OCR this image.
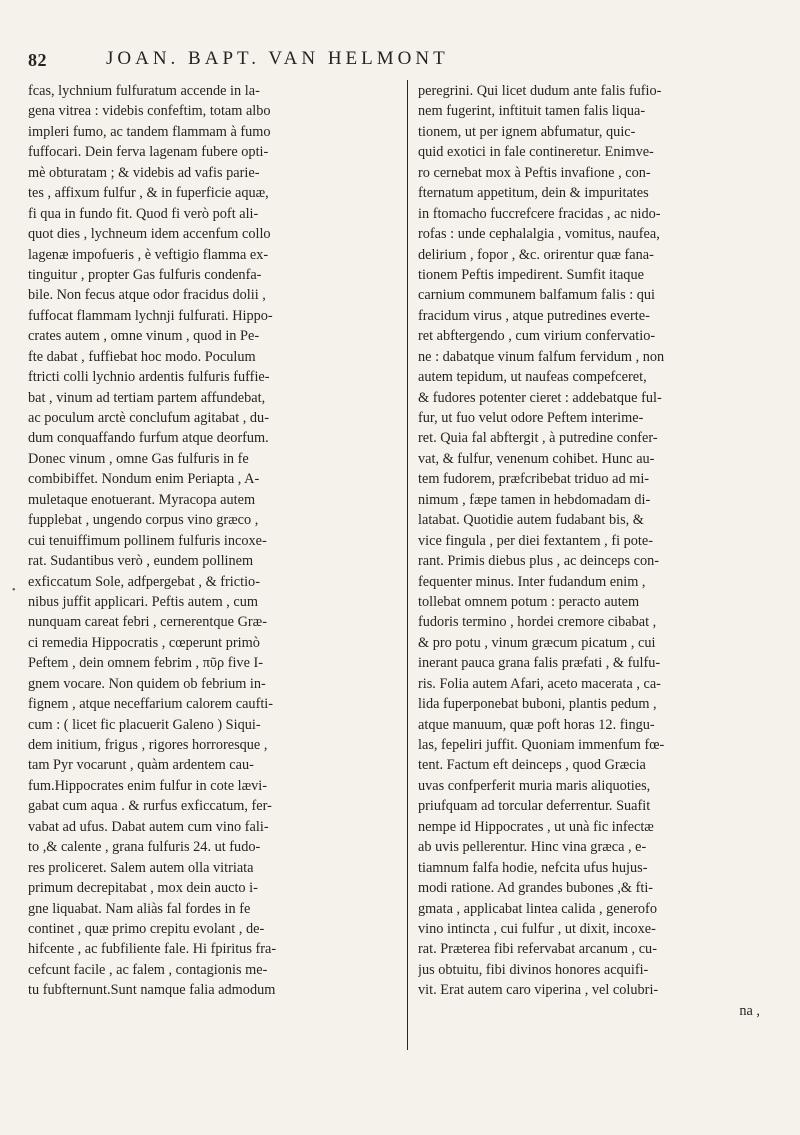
82	JOAN. BAPT. VAN HELMONT
fcas, lychnium fulfuratum accende in la-
gena vitrea : videbis confeftim, totam albo
impleri fumo, ac tandem flammam à fumo
fuffocari. Dein ferva lagenam fubere opti-
mè obturatam ; & videbis ad vafis parie-
tes , affixum fulfur , & in fuperficie aquæ,
fi qua in fundo fit. Quod fi verò poft ali-
quot dies , lychneum idem accenfum collo
lagenæ impofueris , è veftigio flamma ex-
tinguitur , propter Gas fulfuris condenfa-
bile. Non fecus atque odor fracidus dolii ,
fuffocat flammam lychnji fulfurati. Hippo-
crates autem , omne vinum , quod in Pe-
fte dabat , fuffiebat hoc modo. Poculum
ftricti colli lychnio ardentis fulfuris fuffie-
bat , vinum ad tertiam partem affundebat,
ac poculum arctè conclufum agitabat , du-
dum conquaffando furfum atque deorfum.
Donec vinum , omne Gas fulfuris in fe
combibiffet. Nondum enim Periapta , A-
muletaque enotuerant. Myracopa autem
fupplebat , ungendo corpus vino græco ,
cui tenuiffimum pollinem fulfuris incoxe-
rat. Sudantibus verò , eundem pollinem
exficcatum Sole, adfpergebat , & frictio-
nibus juffit applicari. Peftis autem , cum
nunquam careat febri , cernerentque Græ-
ci remedia Hippocratis , cœperunt primò
Peftem , dein omnem febrim , πῦρ five I-
gnem vocare. Non quidem ob febrium in-
fignem , atque neceffarium calorem caufti-
cum : ( licet fic placuerit Galeno ) Siqui-
dem initium, frigus , rigores horroresque ,
tam Pyr vocarunt , quàm ardentem cau-
fum.Hippocrates enim fulfur in cote lævi-
gabat cum aqua . & rurfus exficcatum, fer-
vabat ad ufus. Dabat autem cum vino fali-
to ,& calente , grana fulfuris 24. ut fudo-
res proliceret. Salem autem olla vitriata
primum decrepitabat , mox dein aucto i-
gne liquabat. Nam aliàs fal fordes in fe
continet , quæ primo crepitu evolant , de-
hifcente , ac fubfiliente fale. Hi fpiritus fra-
cefcunt facile , ac falem , contagionis me-
tu fubfternunt.Sunt namque falia admodum
peregrini. Qui licet dudum ante falis fufio-
nem fugerint, inftituit tamen falis liqua-
tionem, ut per ignem abfumatur, quic-
quid exotici in fale contineretur. Enimve-
ro cernebat mox à Peftis invafione , con-
fternatum appetitum, dein & impuritates
in ftomacho fuccrefcere fracidas , ac nido-
rofas : unde cephalalgia , vomitus, naufea,
delirium , fopor , &c. orirentur quæ fana-
tionem Peftis impedirent. Sumfit itaque
carnium communem balfamum falis : qui
fracidum virus , atque putredines everte-
ret abftergendo , cum virium confervatio-
ne : dabatque vinum falfum fervidum , non
autem tepidum, ut naufeas compefceret,
& fudores potenter cieret : addebatque ful-
fur, ut fuo velut odore Peftem interime-
ret. Quia fal abftergit , à putredine confer-
vat, & fulfur, venenum cohibet. Hunc au-
tem fudorem, præfcribebat triduo ad mi-
nimum , fæpe tamen in hebdomadam di-
latabat. Quotidie autem fudabant bis, &
vice fingula , per diei fextantem , fi pote-
rant. Primis diebus plus , ac deinceps con-
fequenter minus. Inter fudandum enim ,
tollebat omnem potum : peracto autem
fudoris termino , hordei cremore cibabat ,
& pro potu , vinum græcum picatum , cui
inerant pauca grana falis præfati , & fulfu-
ris. Folia autem Afari, aceto macerata , ca-
lida fuperponebat buboni, plantis pedum ,
atque manuum, quæ poft horas 12. fingu-
las, fepeliri juffit. Quoniam immenfum fœ-
tent. Factum eft deinceps , quod Græcia
uvas confperferit muria maris aliquoties,
priufquam ad torcular deferrentur. Suafit
nempe id Hippocrates , ut unà fic infectæ
ab uvis pellerentur. Hinc vina græca , e-
tiamnum falfa hodie, nefcita ufus hujus-
modi ratione. Ad grandes bubones ,& fti-
gmata , applicabat lintea calida , generofo
vino intincta , cui fulfur , ut dixit, incoxe-
rat. Præterea fibi refervabat arcanum , cu-
jus obtuitu, fibi divinos honores acquifi-
vit. Erat autem caro viperina , vel colubri-
na ,
•
